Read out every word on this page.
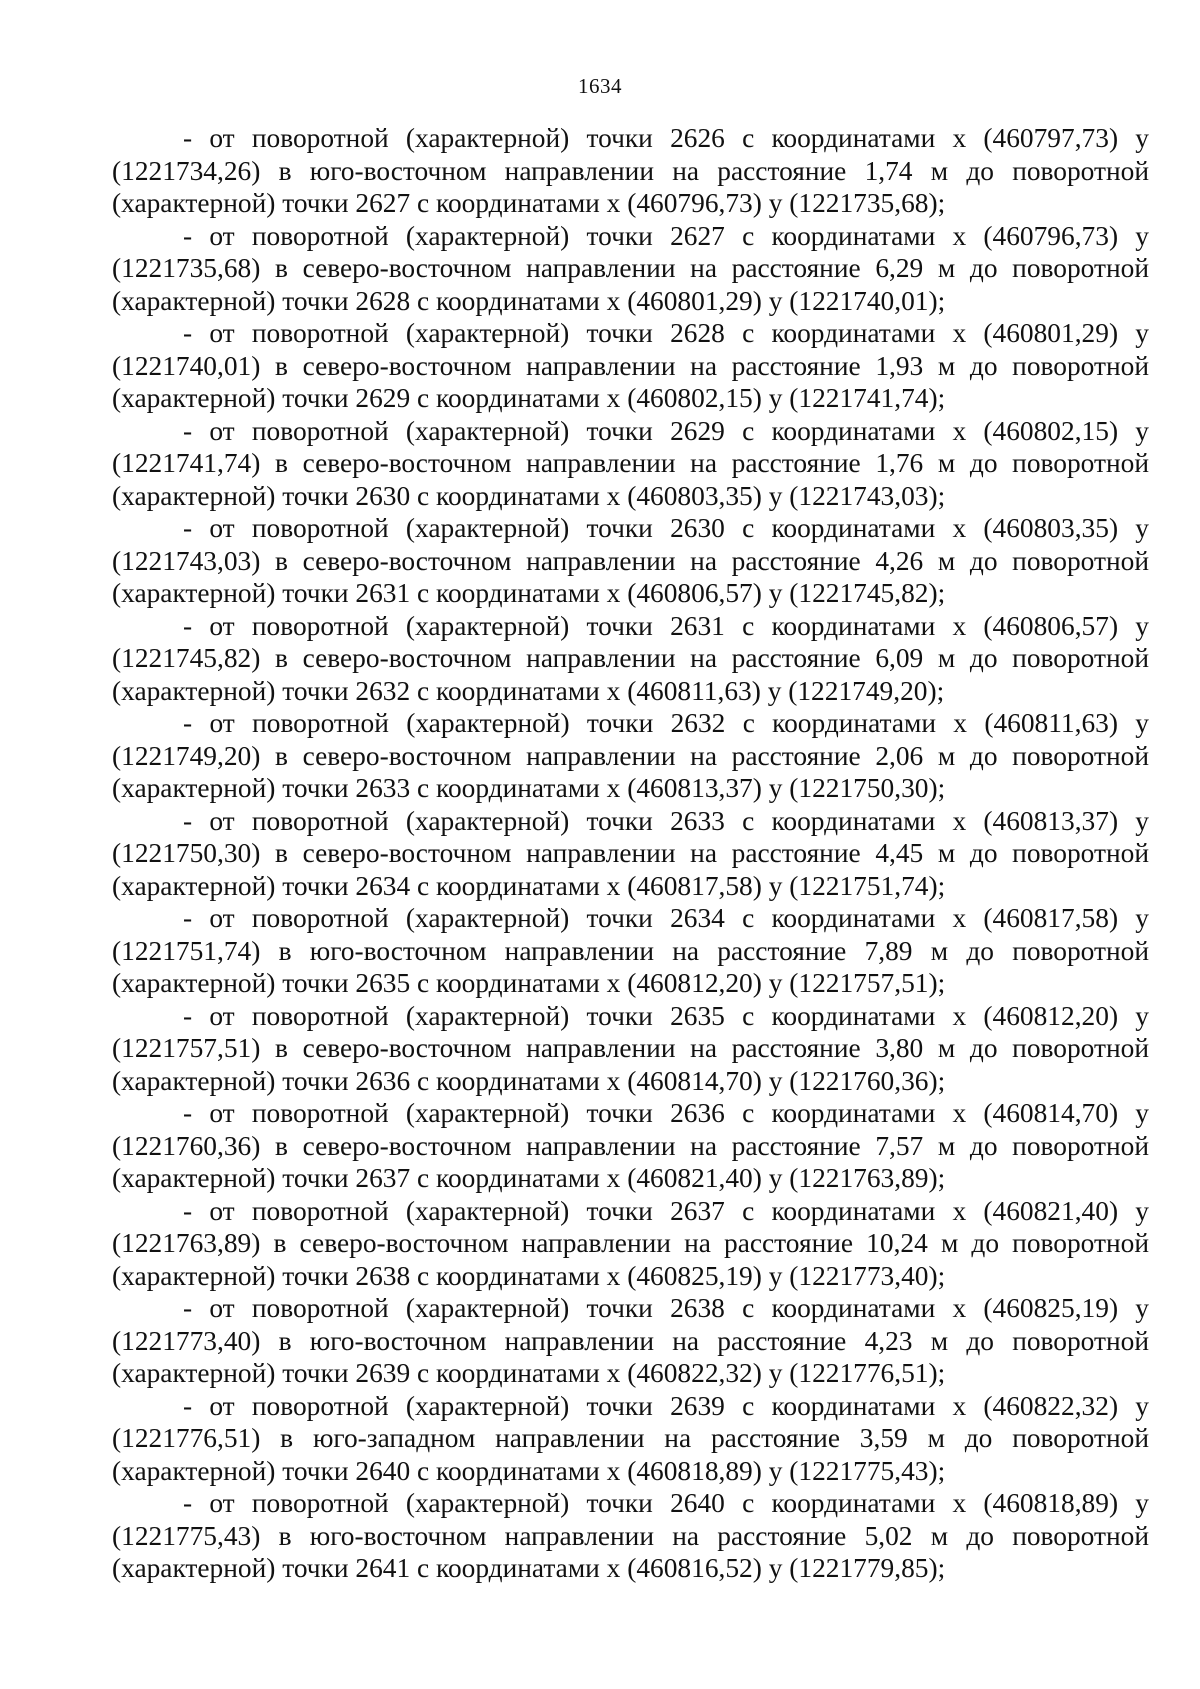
1634

- от поворотной (характерной) точки 2626 с координатами х (460797,73) у (1221734,26) в юго-восточном направлении на расстояние 1,74 м до поворотной (характерной) точки 2627 с координатами х (460796,73) у (1221735,68);

- от поворотной (характерной) точки 2627 с координатами х (460796,73) у (1221735,68) в северо-восточном направлении на расстояние 6,29 м до поворотной (характерной) точки 2628 с координатами х (460801,29) у (1221740,01);

- от поворотной (характерной) точки 2628 с координатами х (460801,29) у (1221740,01) в северо-восточном направлении на расстояние 1,93 м до поворотной (характерной) точки 2629 с координатами х (460802,15) у (1221741,74);

- от поворотной (характерной) точки 2629 с координатами х (460802,15) у (1221741,74) в северо-восточном направлении на расстояние 1,76 м до поворотной (характерной) точки 2630 с координатами х (460803,35) у (1221743,03);

- от поворотной (характерной) точки 2630 с координатами х (460803,35) у (1221743,03) в северо-восточном направлении на расстояние 4,26 м до поворотной (характерной) точки 2631 с координатами х (460806,57) у (1221745,82);

- от поворотной (характерной) точки 2631 с координатами х (460806,57) у (1221745,82) в северо-восточном направлении на расстояние 6,09 м до поворотной (характерной) точки 2632 с координатами х (460811,63) у (1221749,20);

- от поворотной (характерной) точки 2632 с координатами х (460811,63) у (1221749,20) в северо-восточном направлении на расстояние 2,06 м до поворотной (характерной) точки 2633 с координатами х (460813,37) у (1221750,30);

- от поворотной (характерной) точки 2633 с координатами х (460813,37) у (1221750,30) в северо-восточном направлении на расстояние 4,45 м до поворотной (характерной) точки 2634 с координатами х (460817,58) у (1221751,74);

- от поворотной (характерной) точки 2634 с координатами х (460817,58) у (1221751,74) в юго-восточном направлении на расстояние 7,89 м до поворотной (характерной) точки 2635 с координатами х (460812,20) у (1221757,51);

- от поворотной (характерной) точки 2635 с координатами х (460812,20) у (1221757,51) в северо-восточном направлении на расстояние 3,80 м до поворотной (характерной) точки 2636 с координатами х (460814,70) у (1221760,36);

- от поворотной (характерной) точки 2636 с координатами х (460814,70) у (1221760,36) в северо-восточном направлении на расстояние 7,57 м до поворотной (характерной) точки 2637 с координатами х (460821,40) у (1221763,89);

- от поворотной (характерной) точки 2637 с координатами х (460821,40) у (1221763,89) в северо-восточном направлении на расстояние 10,24 м до поворотной (характерной) точки 2638 с координатами х (460825,19) у (1221773,40);

- от поворотной (характерной) точки 2638 с координатами х (460825,19) у (1221773,40) в юго-восточном направлении на расстояние 4,23 м до поворотной (характерной) точки 2639 с координатами х (460822,32) у (1221776,51);

- от поворотной (характерной) точки 2639 с координатами х (460822,32) у (1221776,51) в юго-западном направлении на расстояние 3,59 м до поворотной (характерной) точки 2640 с координатами х (460818,89) у (1221775,43);

- от поворотной (характерной) точки 2640 с координатами х (460818,89) у (1221775,43) в юго-восточном направлении на расстояние 5,02 м до поворотной (характерной) точки 2641 с координатами х (460816,52) у (1221779,85);
